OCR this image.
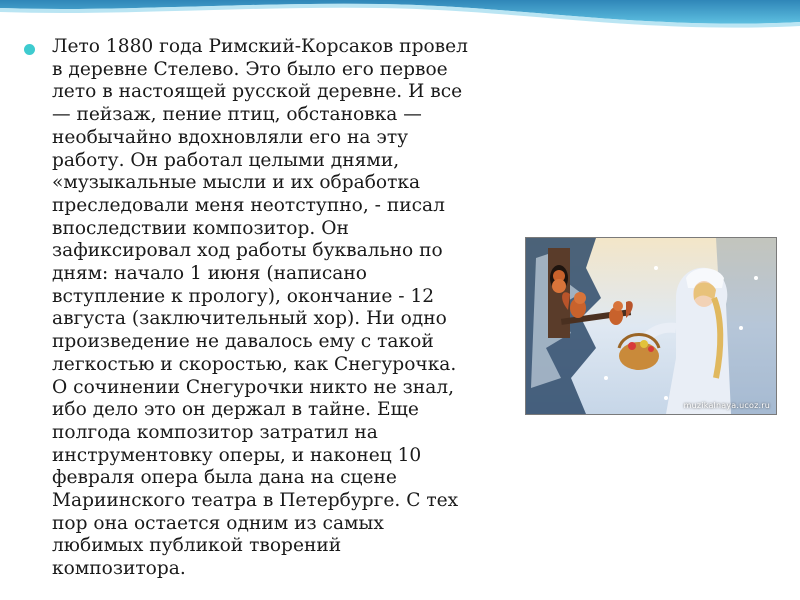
Лето 1880 года Римский-Корсаков провел
в деревне Стелево. Это было его первое
лето в настоящей русской деревне. И все
— пейзаж, пение птиц, обстановка —
необычайно вдохновляли его на эту
работу. Он работал целыми днями,
«музыкальные мысли и их обработка
преследовали меня неотступно, - писал
впоследствии композитор. Он
зафиксировал ход работы буквально по
дням: начало 1 июня (написано
вступление к прологу), окончание - 12
августа (заключительный хор). Ни одно
произведение не давалось ему с такой
легкостью и скоростью, как Снегурочка.
О сочинении Снегурочки никто не знал,
ибо дело это он держал в тайне. Еще
полгода композитор затратил на
инструментовку оперы, и наконец 10
февраля опера была дана на сцене
Мариинского театра в Петербурге. С тех
пор она остается одним из самых
любимых публикой творений
композитора.

muzikalnaya.ucoz.ru
